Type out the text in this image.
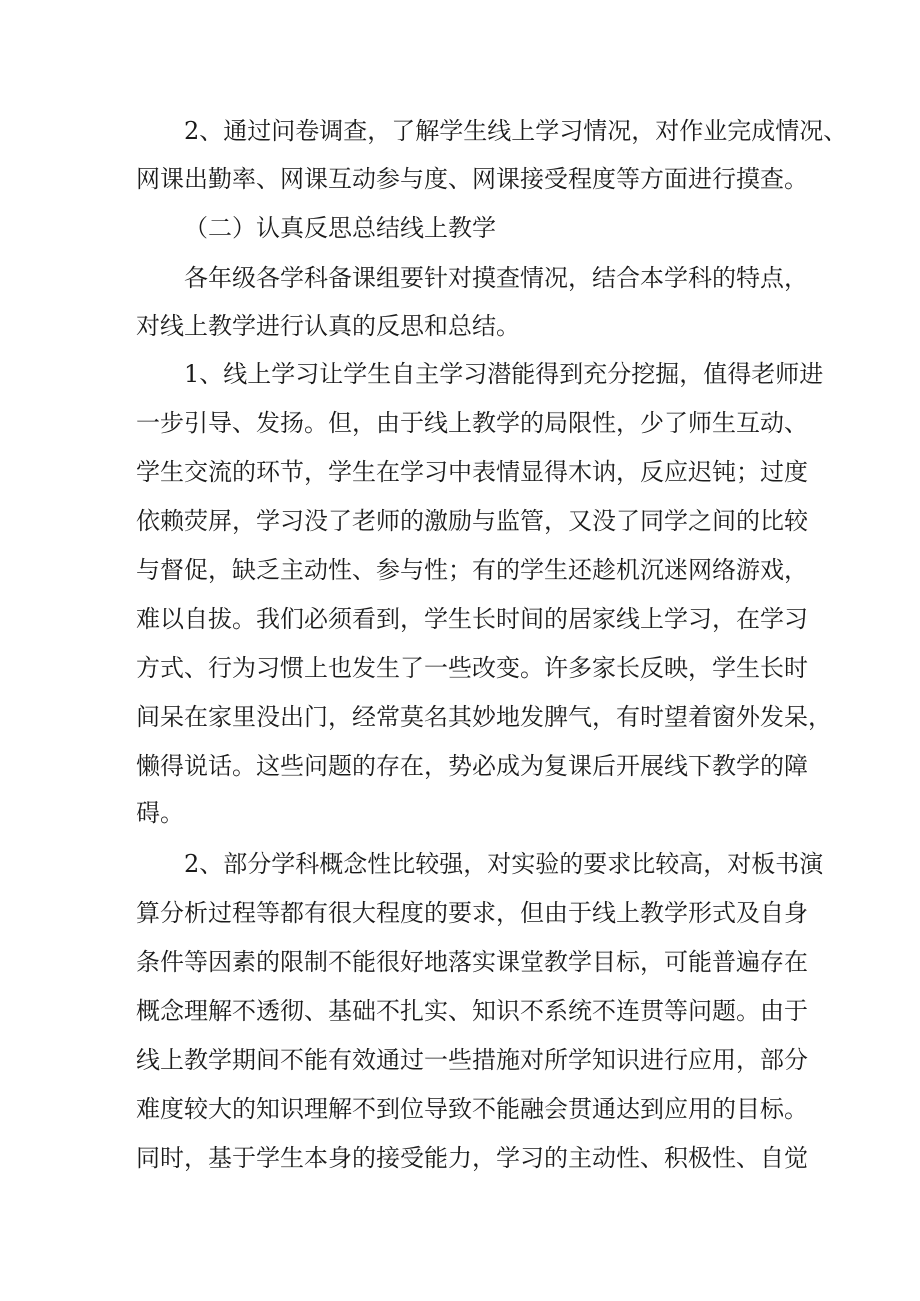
2、通过问卷调查，了解学生线上学习情况，对作业完成情况、
网课出勤率、网课互动参与度、网课接受程度等方面进行摸查。
（二）认真反思总结线上教学
各年级各学科备课组要针对摸查情况，结合本学科的特点，
对线上教学进行认真的反思和总结。
1、线上学习让学生自主学习潜能得到充分挖掘，值得老师进
一步引导、发扬。但，由于线上教学的局限性，少了师生互动、
学生交流的环节，学生在学习中表情显得木讷，反应迟钝；过度
依赖荧屏，学习没了老师的激励与监管，又没了同学之间的比较
与督促，缺乏主动性、参与性；有的学生还趁机沉迷网络游戏，
难以自拔。我们必须看到，学生长时间的居家线上学习，在学习
方式、行为习惯上也发生了一些改变。许多家长反映，学生长时
间呆在家里没出门，经常莫名其妙地发脾气，有时望着窗外发呆，
懒得说话。这些问题的存在，势必成为复课后开展线下教学的障
碍。
2、部分学科概念性比较强，对实验的要求比较高，对板书演
算分析过程等都有很大程度的要求，但由于线上教学形式及自身
条件等因素的限制不能很好地落实课堂教学目标，可能普遍存在
概念理解不透彻、基础不扎实、知识不系统不连贯等问题。由于
线上教学期间不能有效通过一些措施对所学知识进行应用，部分
难度较大的知识理解不到位导致不能融会贯通达到应用的目标。
同时，基于学生本身的接受能力，学习的主动性、积极性、自觉
